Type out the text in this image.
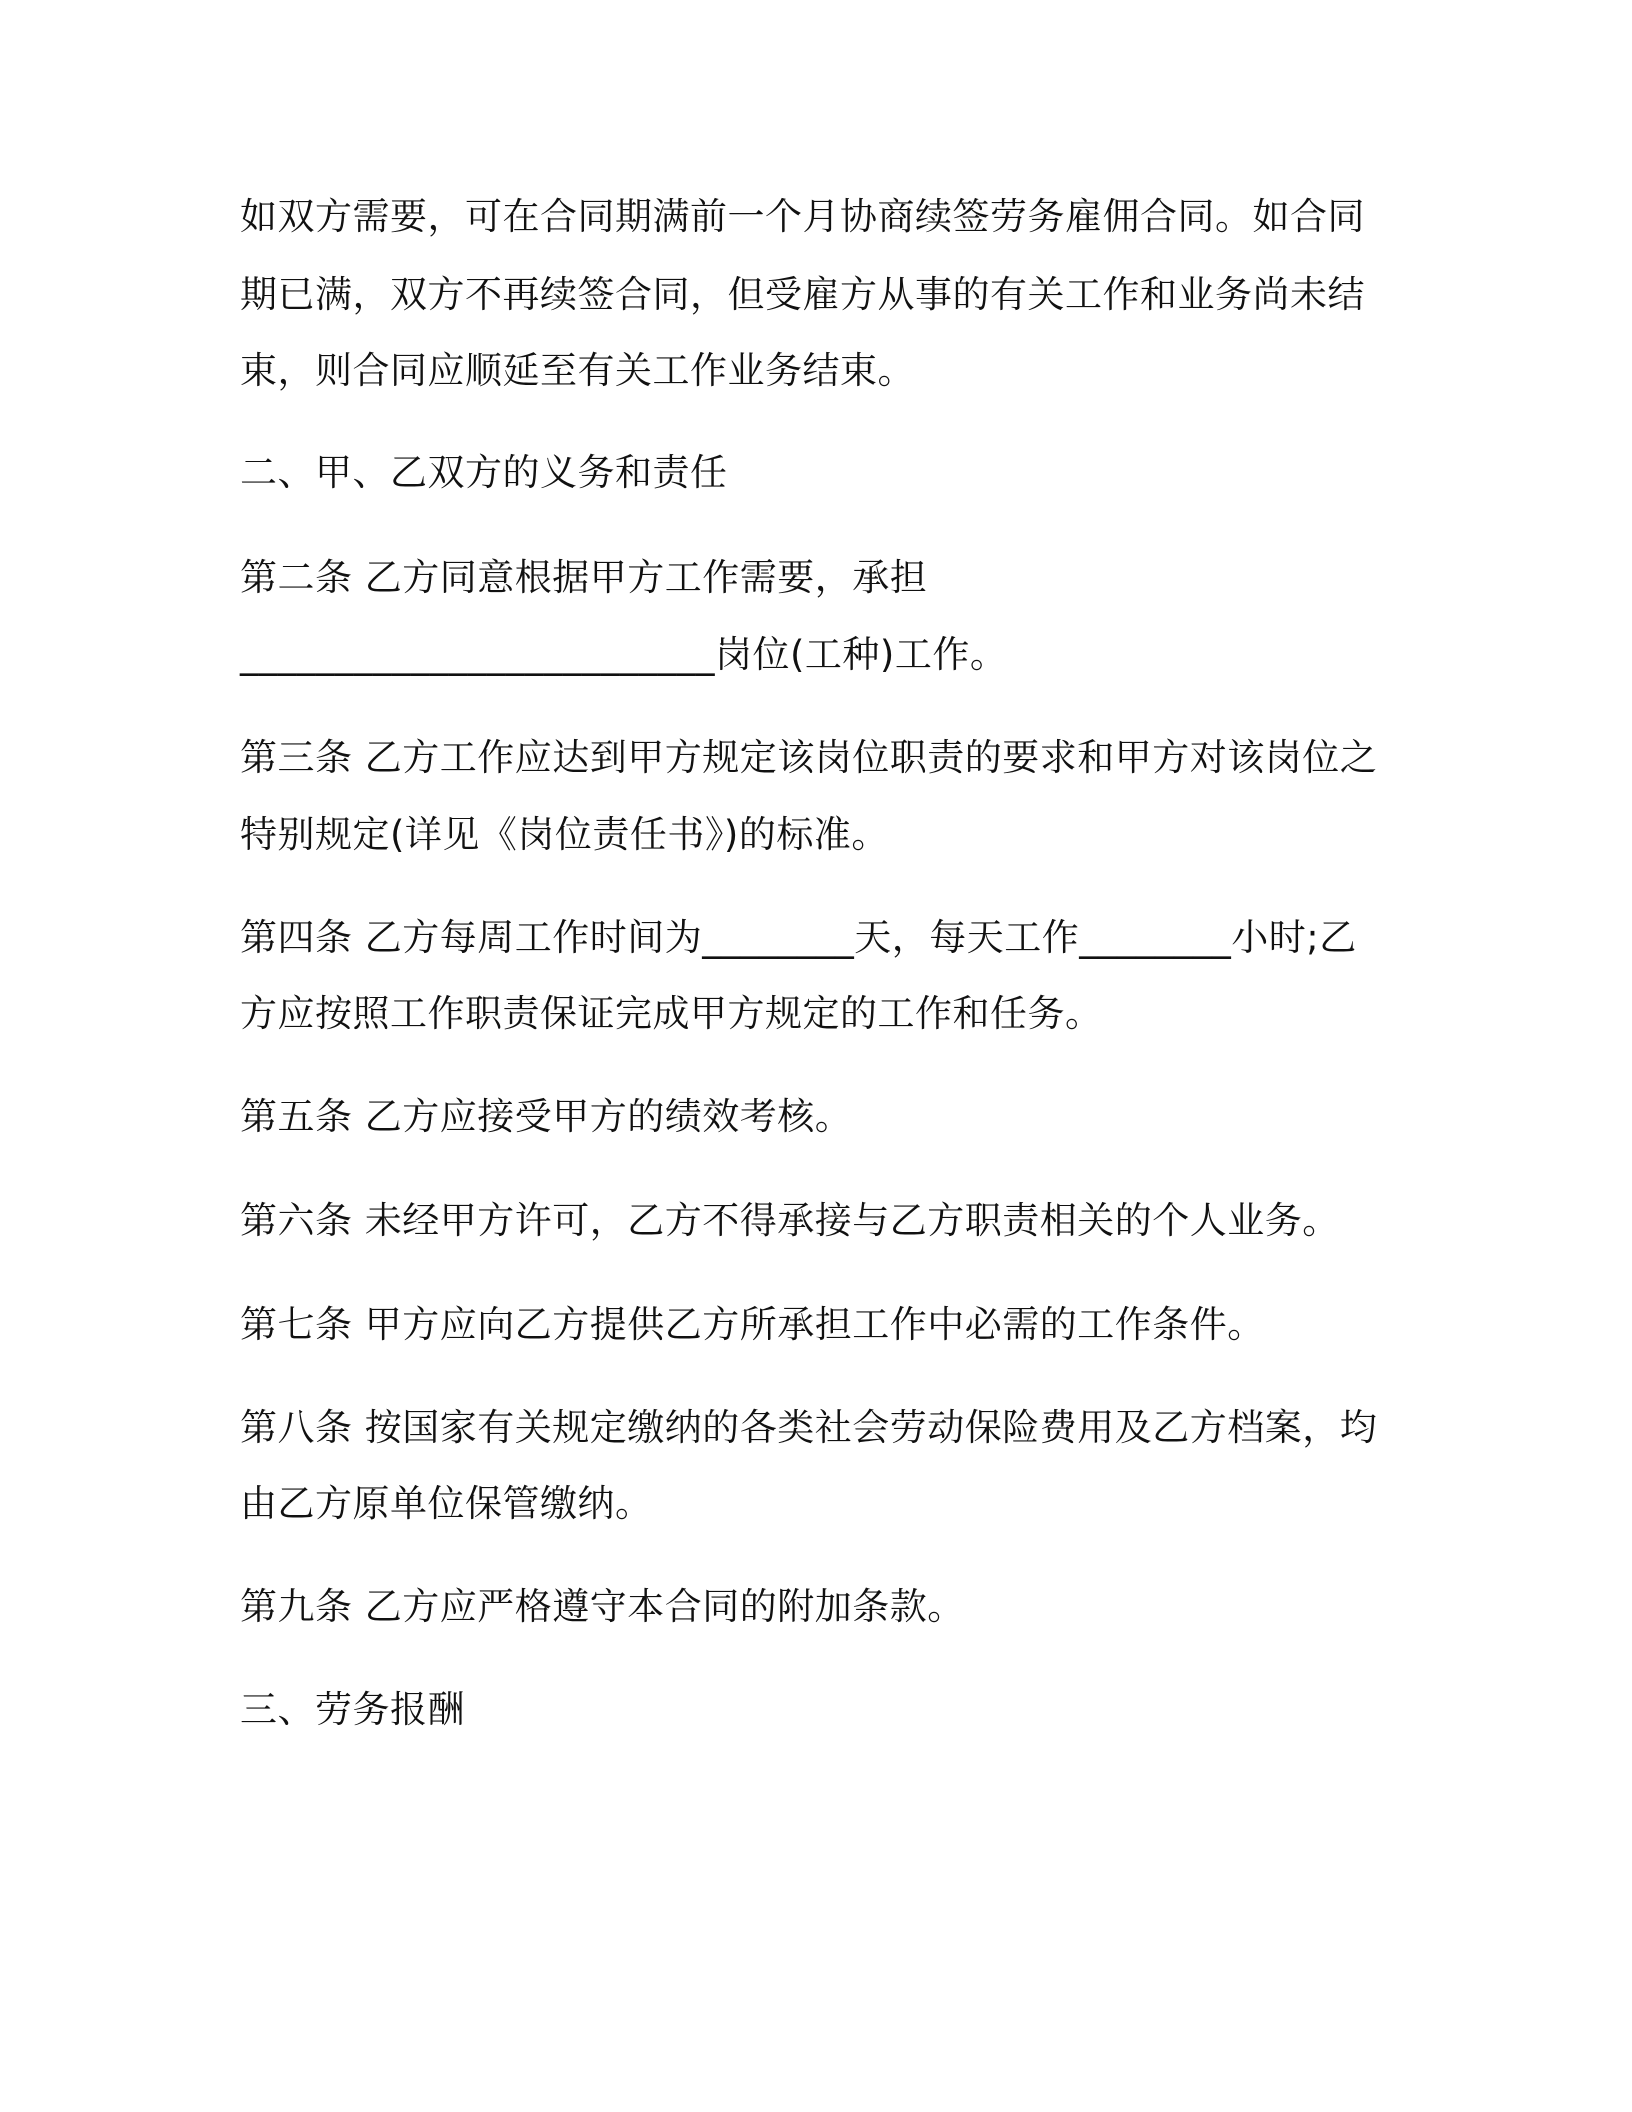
如双方需要，可在合同期满前一个月协商续签劳务雇佣合同。如合同
期已满，双方不再续签合同，但受雇方从事的有关工作和业务尚未结
束，则合同应顺延至有关工作业务结束。
二、甲、乙双方的义务和责任
第二条 乙方同意根据甲方工作需要，承担
_________________________岗位(工种)工作。
第三条 乙方工作应达到甲方规定该岗位职责的要求和甲方对该岗位之
特别规定(详见《岗位责任书》)的标准。
第四条 乙方每周工作时间为________天，每天工作________小时;乙
方应按照工作职责保证完成甲方规定的工作和任务。
第五条 乙方应接受甲方的绩效考核。
第六条 未经甲方许可，乙方不得承接与乙方职责相关的个人业务。
第七条 甲方应向乙方提供乙方所承担工作中必需的工作条件。
第八条 按国家有关规定缴纳的各类社会劳动保险费用及乙方档案，均
由乙方原单位保管缴纳。
第九条 乙方应严格遵守本合同的附加条款。
三、劳务报酬
